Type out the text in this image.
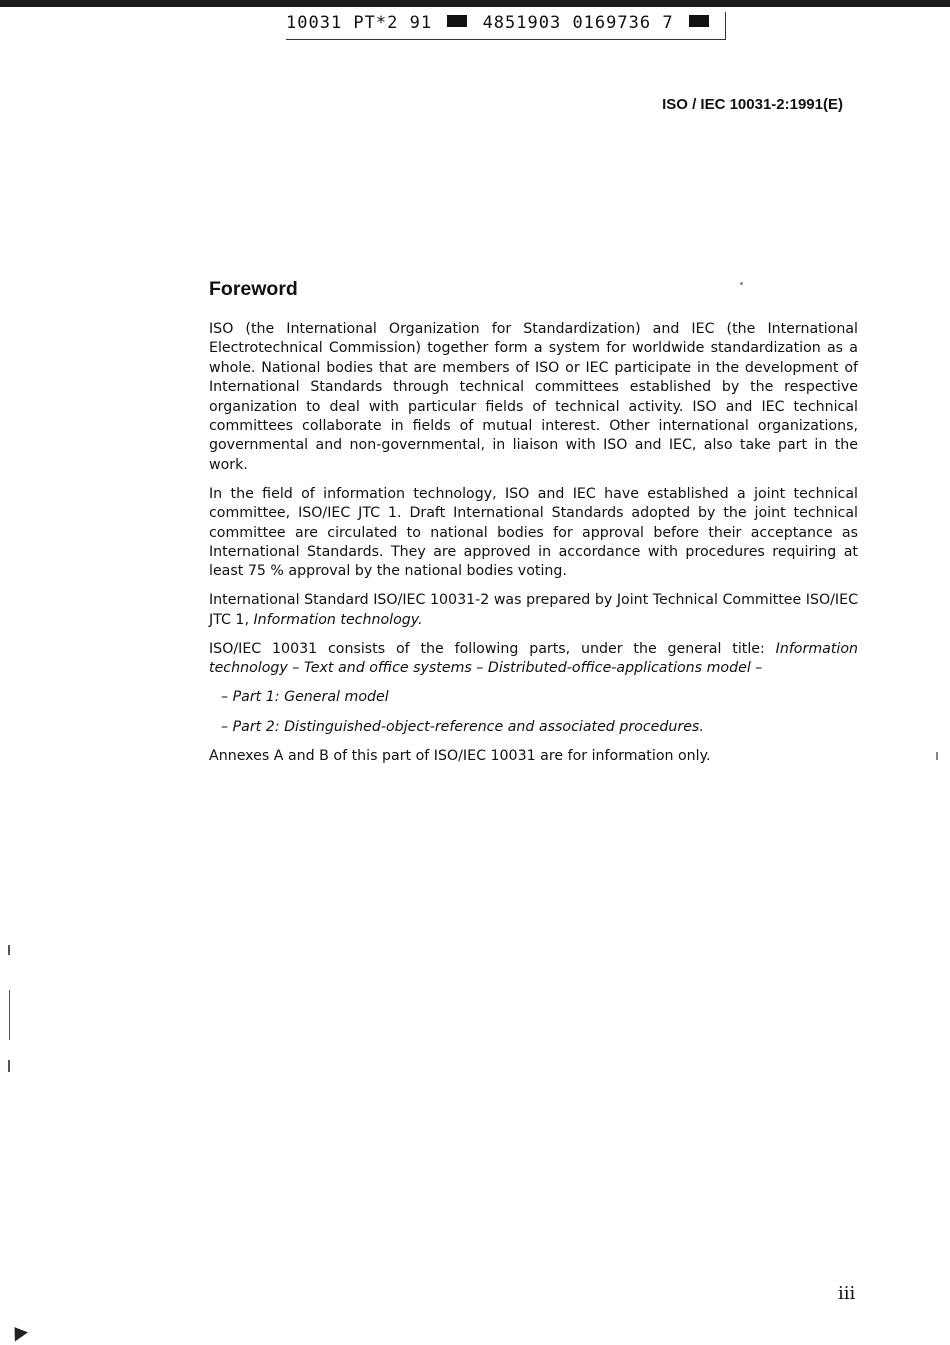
10031 PT*2 91	4851903 0169736 7
ISO / IEC 10031-2:1991(E)
Foreword

ISO (the International Organization for Standardization) and IEC (the International Electrotechnical Commission) together form a system for worldwide standardization as a whole. National bodies that are members of ISO or IEC participate in the development of International Standards through technical committees established by the respective organization to deal with particular fields of technical activity. ISO and IEC technical committees collaborate in fields of mutual interest. Other international organizations, governmental and non-governmental, in liaison with ISO and IEC, also take part in the work.

In the field of information technology, ISO and IEC have established a joint technical committee, ISO/IEC JTC 1. Draft International Standards adopted by the joint technical committee are circulated to national bodies for approval before their acceptance as International Standards. They are approved in accordance with procedures requiring at least 75 % approval by the national bodies voting.

International Standard ISO/IEC 10031-2 was prepared by Joint Technical Committee ISO/IEC JTC 1, Information technology.

ISO/IEC 10031 consists of the following parts, under the general title: Information technology – Text and office systems – Distributed-office-applications model –

– Part 1: General model
– Part 2: Distinguished-object-reference and associated procedures.

Annexes A and B of this part of ISO/IEC 10031 are for information only.

iii
